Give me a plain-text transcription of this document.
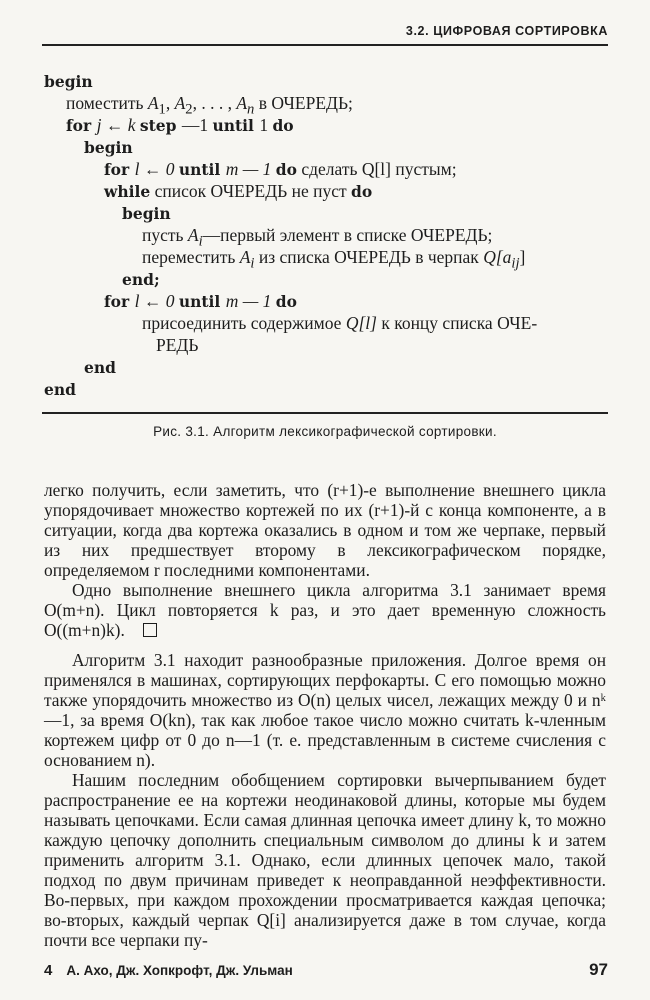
3.2. ЦИФРОВАЯ СОРТИРОВКА
begin
поместить $A_1$, $A_2$, . . . , $A_n$ в ОЧЕРЕДЬ;
for j ← k step —1 until 1 do
begin
for l ← 0 until m — 1 do сделать Q[l] пустым;
while список ОЧЕРЕДЬ не пуст do
begin
пусть $A_i—первый$ элемент в списке ОЧЕРЕДЬ;
переместить $A_i$ из списка ОЧЕРЕДЬ в черпак $Q[a_{ij}]$
end;
for l ← 0 until m — 1 do
присоединить содержимое Q[l] к концу списка ОЧЕ-
РЕДЬ
end
end
Рис. 3.1. Алгоритм лексикографической сортировки.

легко получить, если заметить, что (r+1)-е выполнение внешнего цикла упорядочивает множество кортежей по их (r+1)-й с конца компоненте, а в ситуации, когда два кортежа оказались в одном и том же черпаке, первый из них предшествует второму в лексикографическом порядке, определяемом r последними компонентами.

Одно выполнение внешнего цикла алгоритма 3.1 занимает время O(m+n). Цикл повторяется k раз, и это дает временную сложность O((m+n)k).

Алгоритм 3.1 находит разнообразные приложения. Долгое время он применялся в машинах, сортирующих перфокарты. С его помощью можно также упорядочить множество из O(n) целых чисел, лежащих между 0 и nᵏ—1, за время O(kn), так как любое такое число можно считать k-членным кортежем цифр от 0 до n—1 (т. е. представленным в системе счисления с основанием n).

Нашим последним обобщением сортировки вычерпыванием будет распространение ее на кортежи неодинаковой длины, которые мы будем называть цепочками. Если самая длинная цепочка имеет длину k, то можно каждую цепочку дополнить специальным символом до длины k и затем применить алгоритм 3.1. Однако, если длинных цепочек мало, такой подход по двум причинам приведет к неоправданной неэффективности. Во-первых, при каждом прохождении просматривается каждая цепочка; во-вторых, каждый черпак Q[i] анализируется даже в том случае, когда почти все черпаки пу-

4 А. Ахо, Дж. Хопкрофт, Дж. Ульман	97
